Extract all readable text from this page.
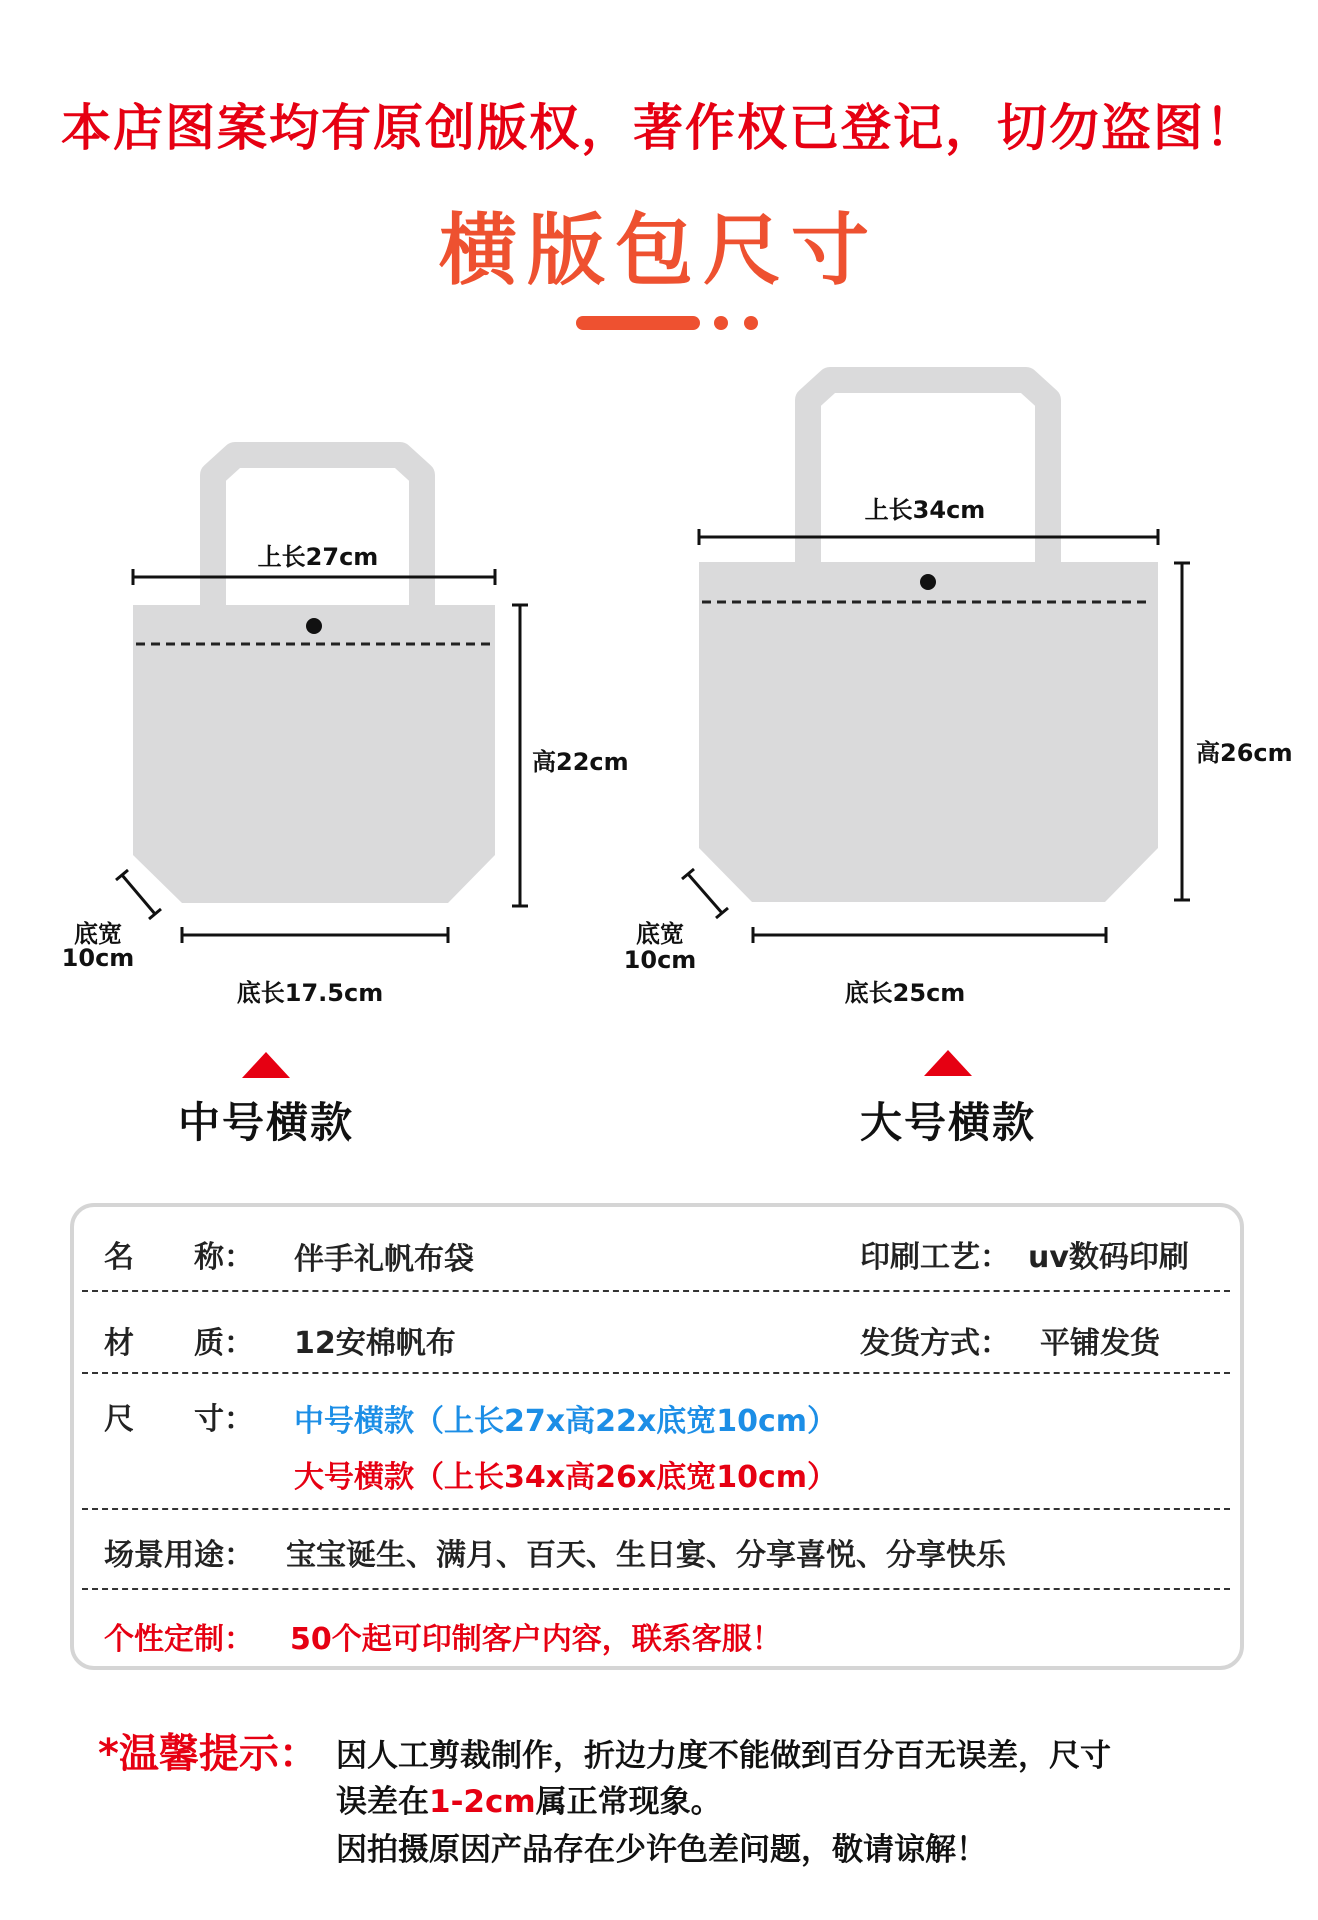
本店图案均有原创版权，著作权已登记，切勿盗图！
横版包尺寸
上长27cm
高22cm
底宽
10cm
底长17.5cm
中号横款
上长34cm
高26cm
底宽
10cm
底长25cm
大号横款
名　　称： 伴手礼帆布袋	印刷工艺： uv数码印刷
材　　质： 12安棉帆布	发货方式： 平铺发货
尺　　寸： 中号横款（上长27x高22x底宽10cm）
大号横款（上长34x高26x底宽10cm）
场景用途： 宝宝诞生、满月、百天、生日宴、分享喜悦、分享快乐
个性定制： 50个起可印制客户内容，联系客服！
*温馨提示： 因人工剪裁制作，折边力度不能做到百分百无误差，尺寸
误差在1-2cm属正常现象。
因拍摄原因产品存在少许色差问题，敬请谅解！
